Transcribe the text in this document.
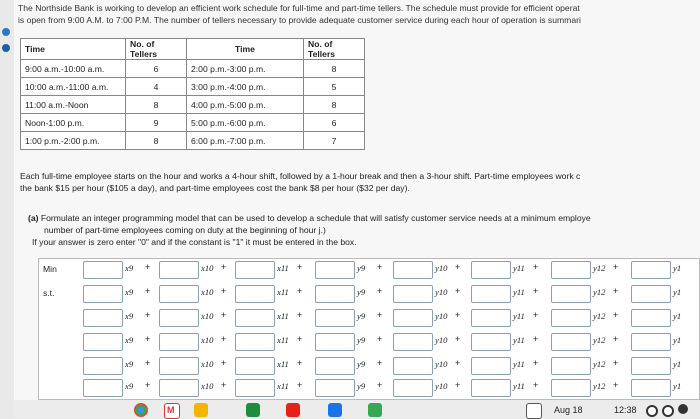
The Northside Bank is working to develop an efficient work schedule for full-time and part-time tellers. The schedule must provide for efficient operat
is open from 9:00 A.M. to 7:00 P.M. The number of tellers necessary to provide adequate customer service during each hour of operation is summari
Time	No. of Tellers	Time	No. of Tellers
9:00 a.m.-10:00 a.m.	6	2:00 p.m.-3:00 p.m.	8
10:00 a.m.-11:00 a.m.	4	3:00 p.m.-4:00 p.m.	5
11:00 a.m.-Noon	8	4:00 p.m.-5:00 p.m.	8
Noon-1:00 p.m.	9	5:00 p.m.-6:00 p.m.	6
1:00 p.m.-2:00 p.m.	8	6:00 p.m.-7:00 p.m.	7
Each full-time employee starts on the hour and works a 4-hour shift, followed by a 1-hour break and then a 3-hour shift. Part-time employees work c
the bank $15 per hour ($105 a day), and part-time employees cost the bank $8 per hour ($32 per day).
(a) Formulate an integer programming model that can be used to develop a schedule that will satisfy customer service needs at a minimum employe
number of part-time employees coming on duty at the beginning of hour j.)
If your answer is zero enter "0" and if the constant is "1" it must be entered in the box.
Min	x9 +	x10 +	x11 +	y9 +	y10 +	y11 +	y12 +	y1
s.t.	x9 +	x10 +	x11 +	y9 +	y10 +	y11 +	y12 +	y1
x9 +	x10 +	x11 +	y9 +	y10 +	y11 +	y12 +	y1
x9 +	x10 +	x11 +	y9 +	y10 +	y11 +	y12 +	y1
x9 +	x10 +	x11 +	y9 +	y10 +	y11 +	y12 +	y1
x9 +	x10 +	x11 +	y9 +	y10 +	y11 +	y12 +	y1
M	Aug 18	12:38
